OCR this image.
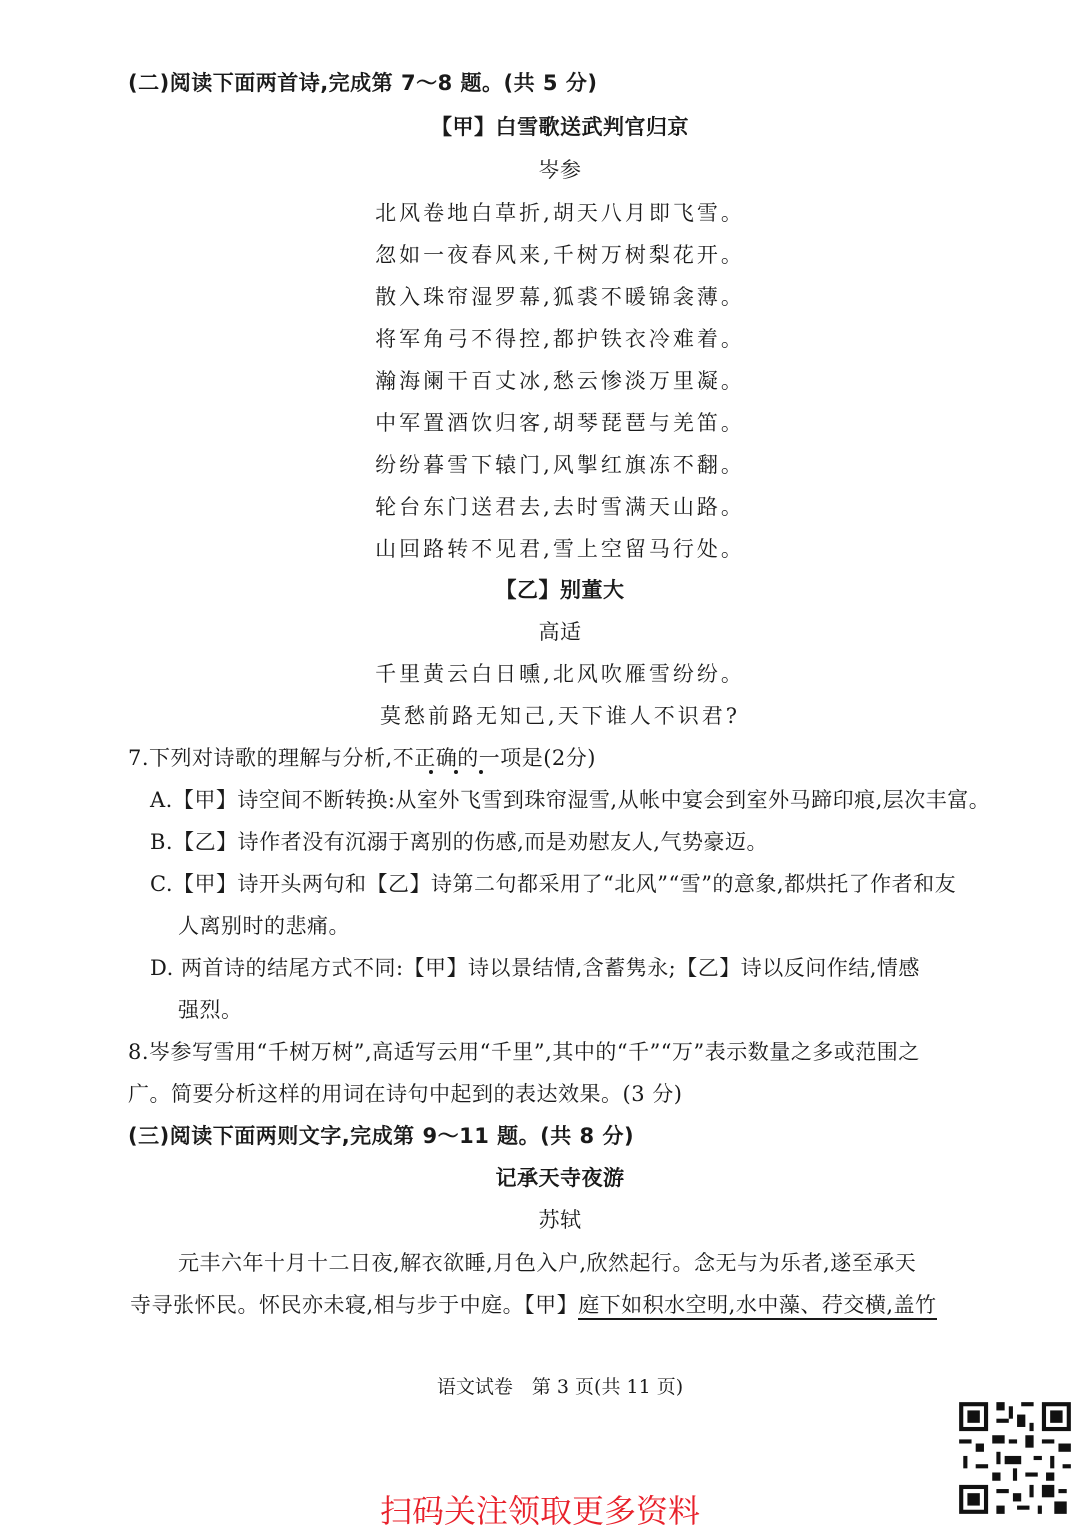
(二)阅读下面两首诗,完成第 7～8 题。(共 5 分)
【甲】白雪歌送武判官归京
岑参
北风卷地白草折,胡天八月即飞雪。
忽如一夜春风来,千树万树梨花开。
散入珠帘湿罗幕,狐裘不暖锦衾薄。
将军角弓不得控,都护铁衣冷难着。
瀚海阑干百丈冰,愁云惨淡万里凝。
中军置酒饮归客,胡琴琵琶与羌笛。
纷纷暮雪下辕门,风掣红旗冻不翻。
轮台东门送君去,去时雪满天山路。
山回路转不见君,雪上空留马行处。
【乙】别董大
高适
千里黄云白日曛,北风吹雁雪纷纷。
莫愁前路无知己,天下谁人不识君?
7.下列对诗歌的理解与分析,不正确的一项是(2分)
A.【甲】诗空间不断转换:从室外飞雪到珠帘湿雪,从帐中宴会到室外马蹄印痕,层次丰富。
B.【乙】诗作者没有沉溺于离别的伤感,而是劝慰友人,气势豪迈。
C.【甲】诗开头两句和【乙】诗第二句都采用了“北风”“雪”的意象,都烘托了作者和友
人离别时的悲痛。
D. 两首诗的结尾方式不同:【甲】诗以景结情,含蓄隽永;【乙】诗以反问作结,情感
强烈。
8.岑参写雪用“千树万树”,高适写云用“千里”,其中的“千”“万”表示数量之多或范围之
广。简要分析这样的用词在诗句中起到的表达效果。(3 分)
(三)阅读下面两则文字,完成第 9～11 题。(共 8 分)
记承天寺夜游
苏轼
元丰六年十月十二日夜,解衣欲睡,月色入户,欣然起行。念无与为乐者,遂至承天
寺寻张怀民。怀民亦未寝,相与步于中庭。【甲】庭下如积水空明,水中藻、荇交横,盖竹
语文试卷　第 3 页(共 11 页)
扫码关注领取更多资料
